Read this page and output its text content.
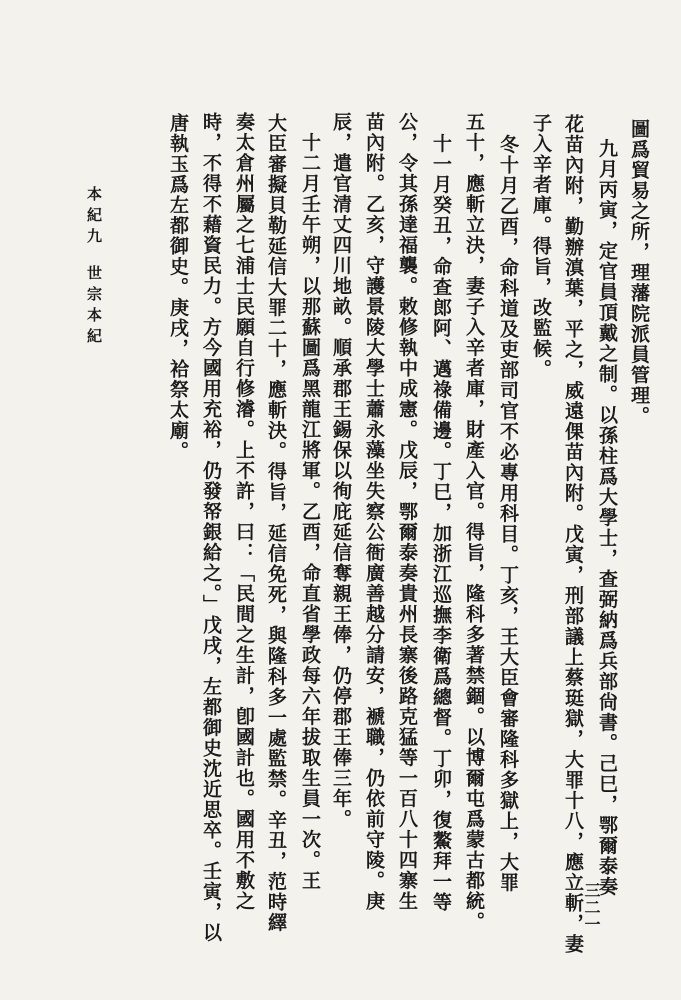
圖爲貿易之所，理藩院派員管理。
　九月丙寅，定官員頂戴之制。以孫柱爲大學士，查弼納爲兵部尙書。己巳，鄂爾泰奏
花苗內附，勤辦滇葉，平之，威遠倮苗內附。戊寅，刑部議上蔡珽獄，大罪十八，應立斬，妻
子入辛者庫。得旨，改監候。
　冬十月乙酉，命科道及吏部司官不必專用科目。丁亥，王大臣會審隆科多獄上，大罪
五十，應斬立決，妻子入辛者庫，財產入官。得旨，隆科多著禁錮。以博爾屯爲蒙古都統。
　十一月癸丑，命查郎阿、邁祿備邊。丁巳，加浙江巡撫李衛爲總督。丁卯，復鰲拜一等
公，令其孫達福襲。敕修執中成憲。戊辰，鄂爾泰奏貴州長寨後路克猛等一百八十四寨生
苗內附。乙亥，守護景陵大學士蕭永藻坐失察公衙廣善越分請安，褫職，仍依前守陵。庚
辰，遣官清丈四川地畝。順承郡王錫保以徇庇延信奪親王俸，仍停郡王俸三年。
　十二月壬午朔，以那蘇圖爲黑龍江將軍。乙酉，命直省學政每六年拔取生員一次。王
大臣審擬貝勒延信大罪二十，應斬決。得旨，延信免死，與隆科多一處監禁。辛丑，范時繹
奏太倉州屬之七浦士民願自行修濬。上不許，曰：「民間之生計，卽國計也。國用不敷之
時，不得不藉資民力。方今國用充裕，仍發帑銀給之。」戊戌，左都御史沈近思卒。壬寅，以
唐執玉爲左都御史。庚戌，袷祭太廟。
本紀九
世宗本紀
三二一
